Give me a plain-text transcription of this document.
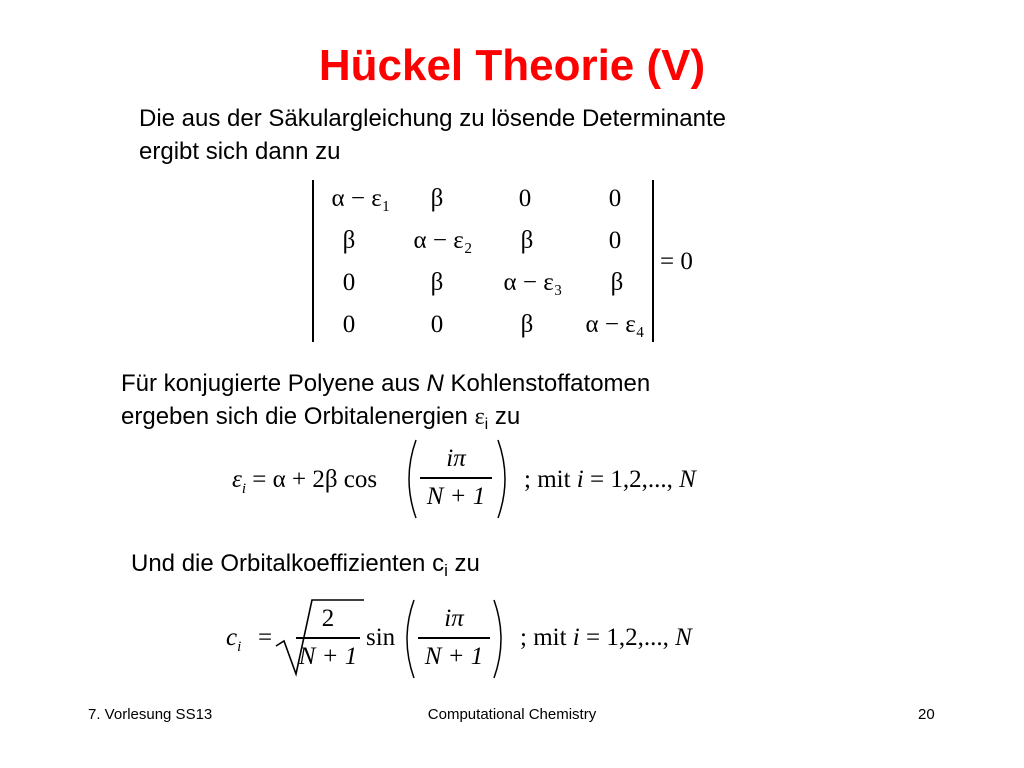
Hückel Theorie (V)
Die aus der Säkulargleichung zu lösende Determinante
ergibt sich dann zu
α − ε₁	β	0	0
β	α − ε₂	β	0
0	β	α − ε₃	β
0	0	β	α − ε₄
= 0
Für konjugierte Polyene aus N Kohlenstoffatomen
ergeben sich die Orbitalenergien $\varepsilon_i$ zu
$\varepsilon_i = \alpha + 2\beta$ cos
iπ
N + 1
; mit i = 1,2,..., N
Und die Orbitalkoeffizienten $c_i$ zu
$c_i$ =
2
N + 1
sin
iπ
N + 1
; mit i = 1,2,..., N
7. Vorlesung SS13	Computational Chemistry	20
